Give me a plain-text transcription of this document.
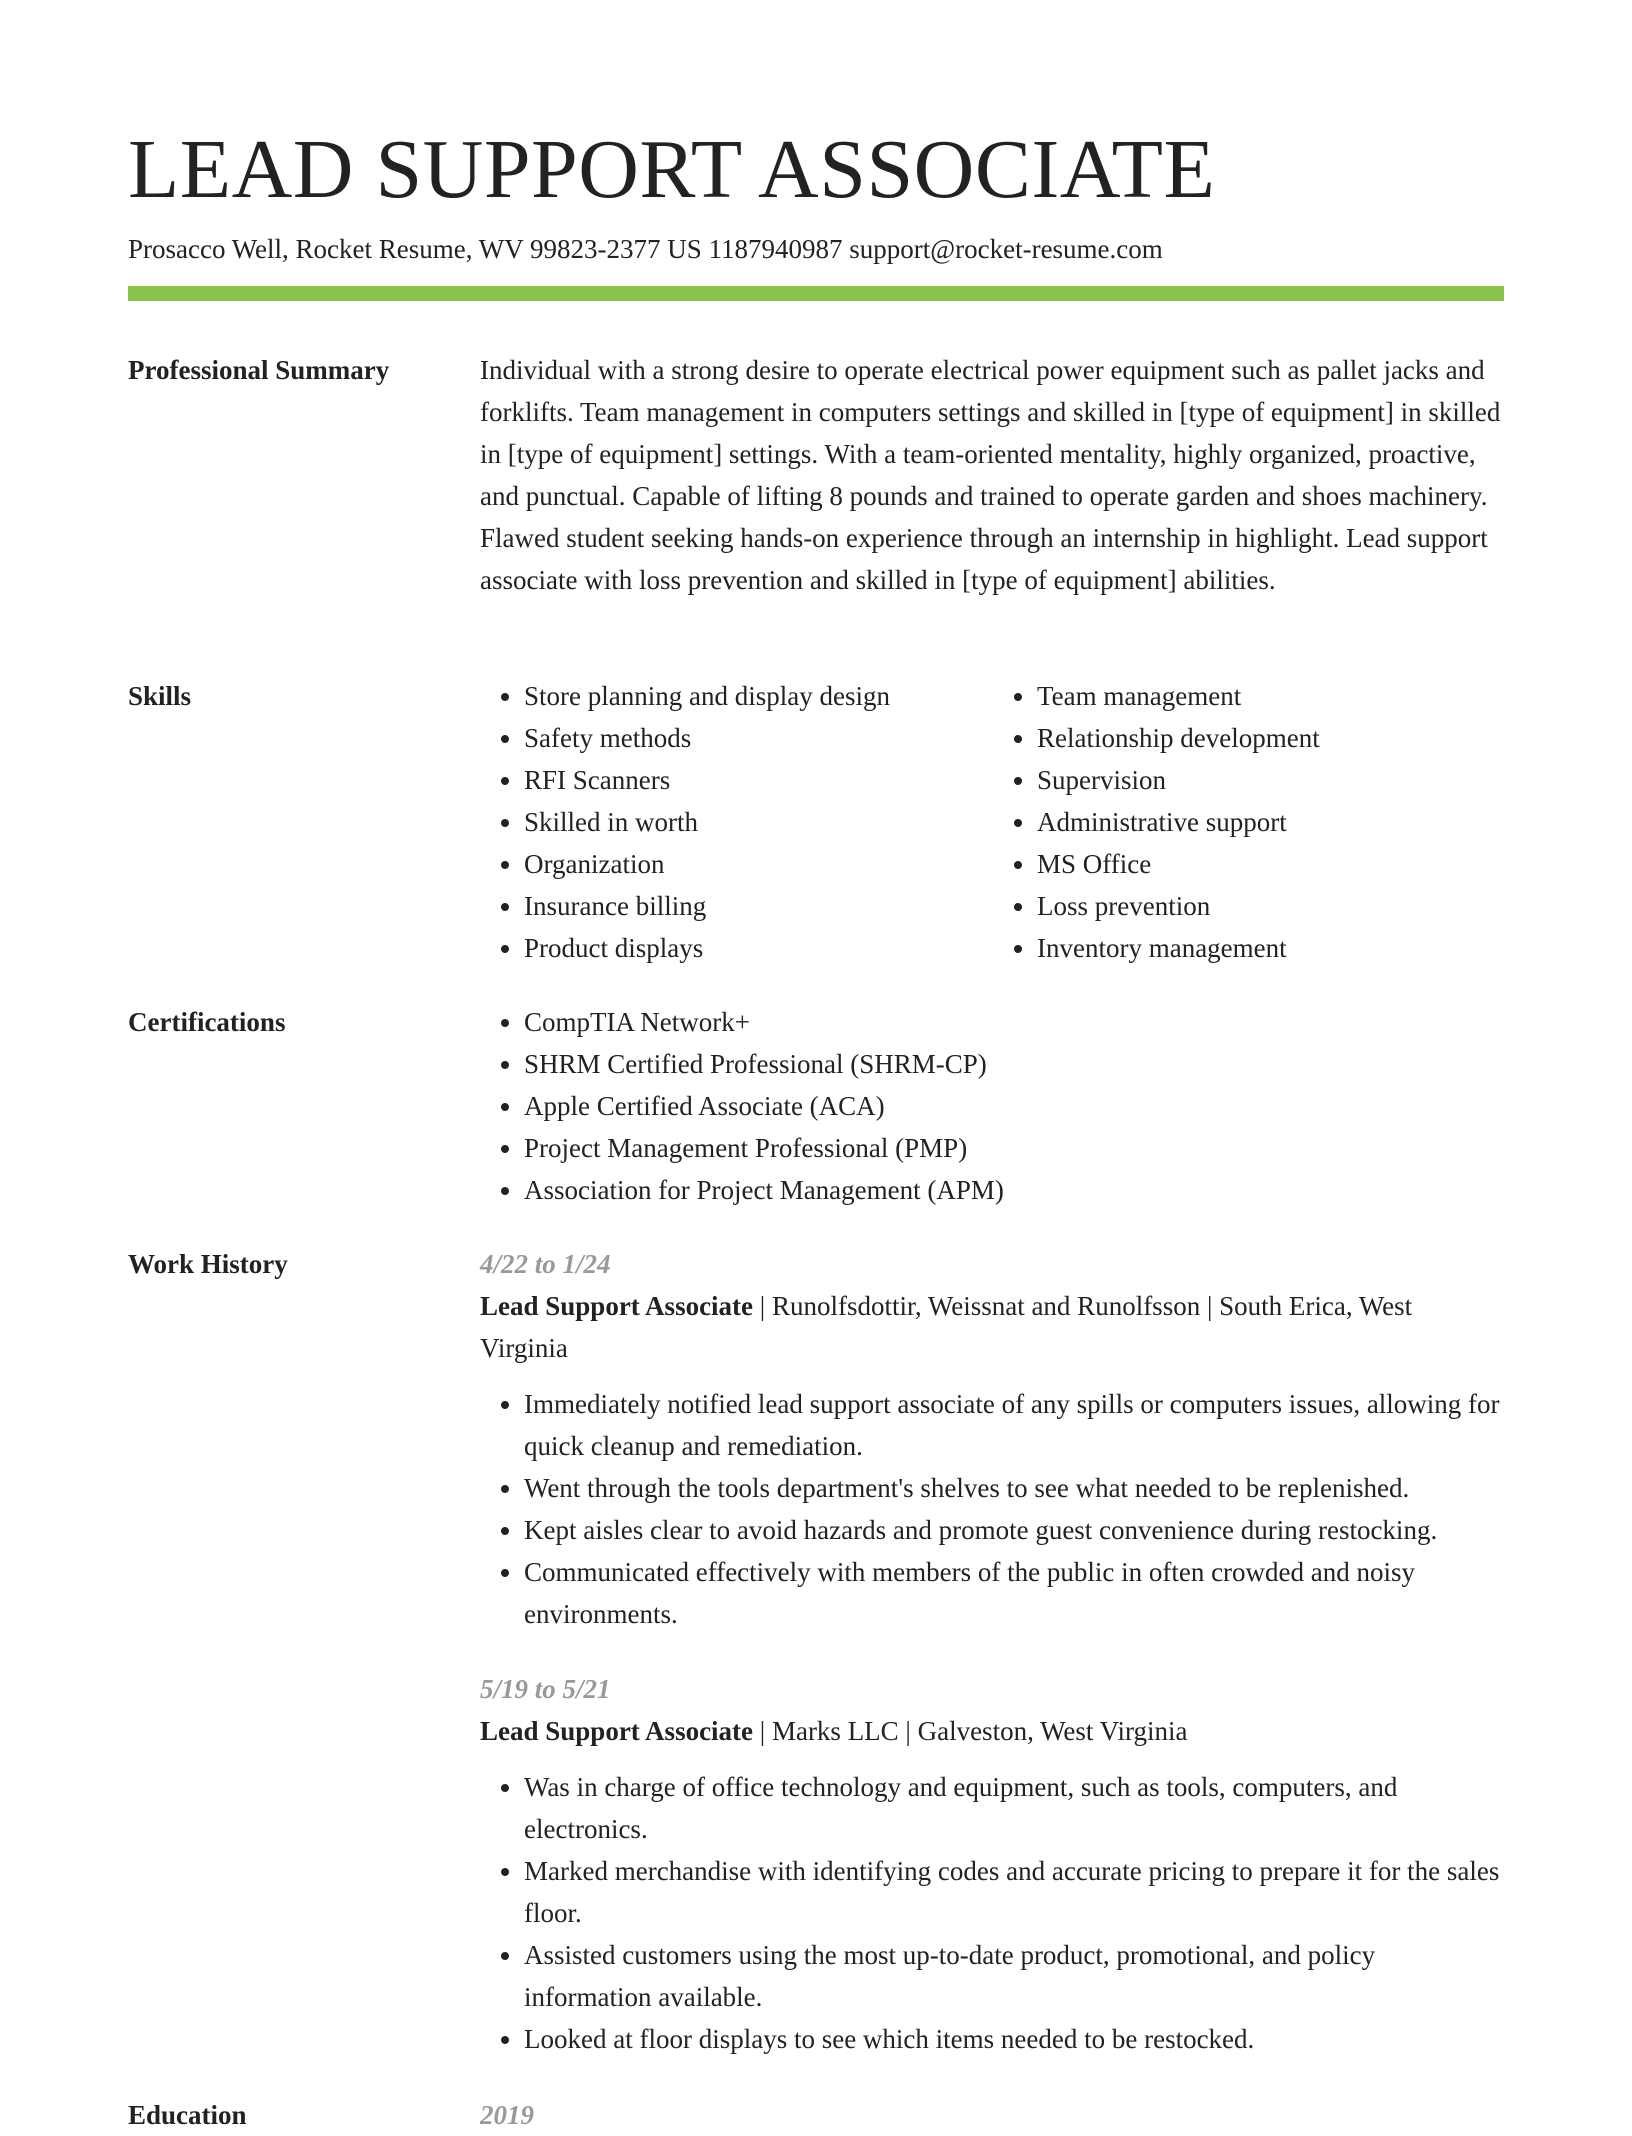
LEAD SUPPORT ASSOCIATE
Prosacco Well, Rocket Resume, WV 99823-2377 US 1187940987 support@rocket-resume.com
Professional Summary	Individual with a strong desire to operate electrical power equipment such as pallet jacks and forklifts. Team management in computers settings and skilled in [type of equipment] in skilled in [type of equipment] settings. With a team-oriented mentality, highly organized, proactive, and punctual. Capable of lifting 8 pounds and trained to operate garden and shoes machinery. Flawed student seeking hands-on experience through an internship in highlight. Lead support associate with loss prevention and skilled in [type of equipment] abilities.

Skills	• Store planning and display design
• Safety methods
• RFI Scanners
• Skilled in worth
• Organization
• Insurance billing
• Product displays
• Team management
• Relationship development
• Supervision
• Administrative support
• MS Office
• Loss prevention
• Inventory management
Certifications	• CompTIA Network+
• SHRM Certified Professional (SHRM-CP)
• Apple Certified Associate (ACA)
• Project Management Professional (PMP)
• Association for Project Management (APM)
Work History	4/22 to 1/24

Lead Support Associate | Runolfsdottir, Weissnat and Runolfsson | South Erica, West Virginia

• Immediately notified lead support associate of any spills or computers issues, allowing for quick cleanup and remediation.
• Went through the tools department's shelves to see what needed to be replenished.
• Kept aisles clear to avoid hazards and promote guest convenience during restocking.
• Communicated effectively with members of the public in often crowded and noisy environments.
5/19 to 5/21

Lead Support Associate | Marks LLC | Galveston, West Virginia

• Was in charge of office technology and equipment, such as tools, computers, and electronics.
• Marked merchandise with identifying codes and accurate pricing to prepare it for the sales floor.
• Assisted customers using the most up-to-date product, promotional, and policy information available.
• Looked at floor displays to see which items needed to be restocked.
Education	2019
